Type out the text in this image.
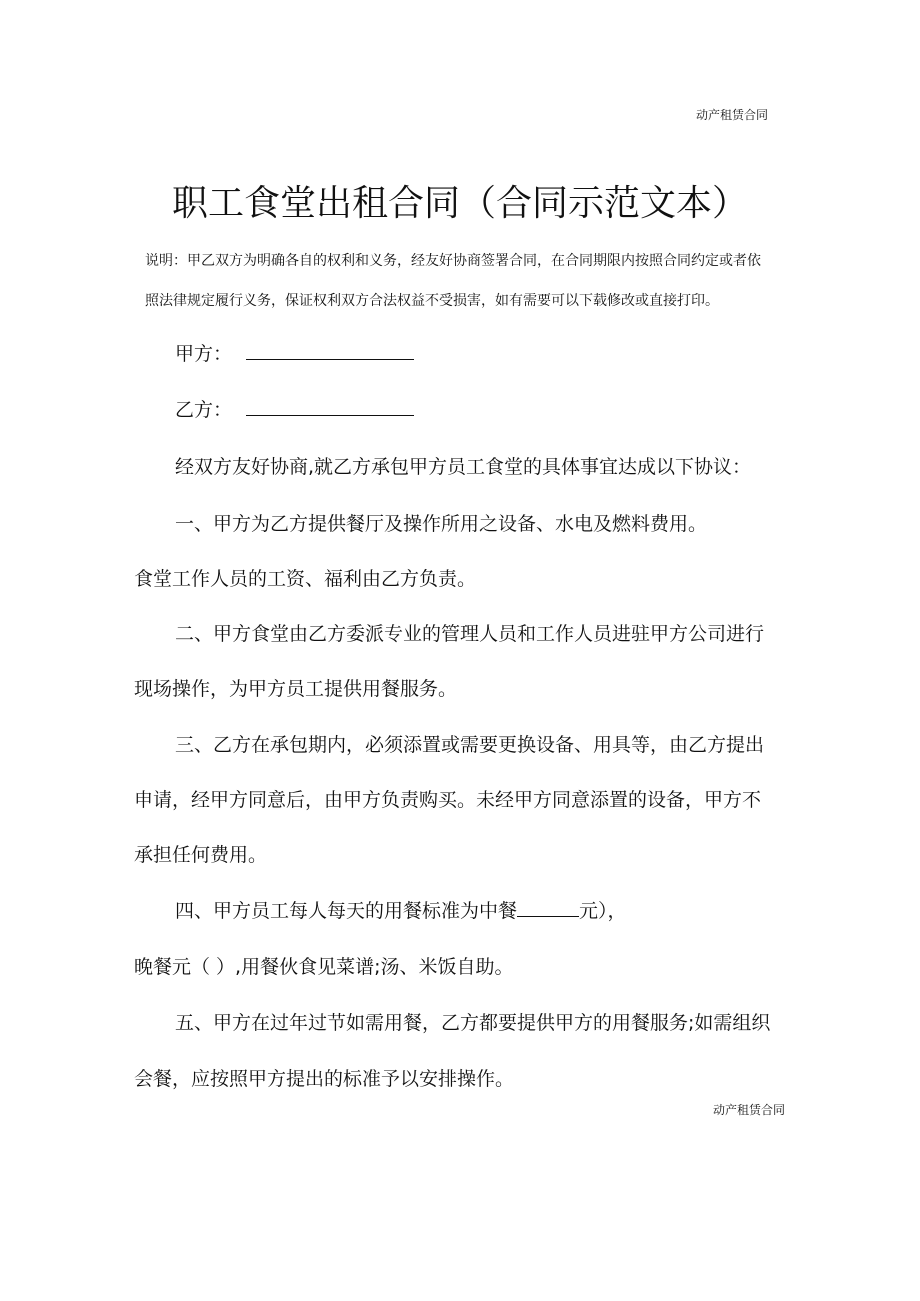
动产租赁合同
职工食堂出租合同（合同示范文本）
说明：甲乙双方为明确各自的权利和义务，经友好协商签署合同，在合同期限内按照合同约定或者依
照法律规定履行义务，保证权利双方合法权益不受损害，如有需要可以下载修改或直接打印。
甲方：
乙方：
经双方友好协商,就乙方承包甲方员工食堂的具体事宜达成以下协议：
一、甲方为乙方提供餐厅及操作所用之设备、水电及燃料费用。
食堂工作人员的工资、福利由乙方负责。
二、甲方食堂由乙方委派专业的管理人员和工作人员进驻甲方公司进行
现场操作，为甲方员工提供用餐服务。
三、乙方在承包期内，必须添置或需要更换设备、用具等，由乙方提出
申请，经甲方同意后，由甲方负责购买。未经甲方同意添置的设备，甲方不
承担任何费用。
四、甲方员工每人每天的用餐标准为中餐	元），
晚餐元（ ）,用餐伙食见菜谱;汤、米饭自助。
五、甲方在过年过节如需用餐，乙方都要提供甲方的用餐服务;如需组织
会餐，应按照甲方提出的标准予以安排操作。
动产租赁合同
